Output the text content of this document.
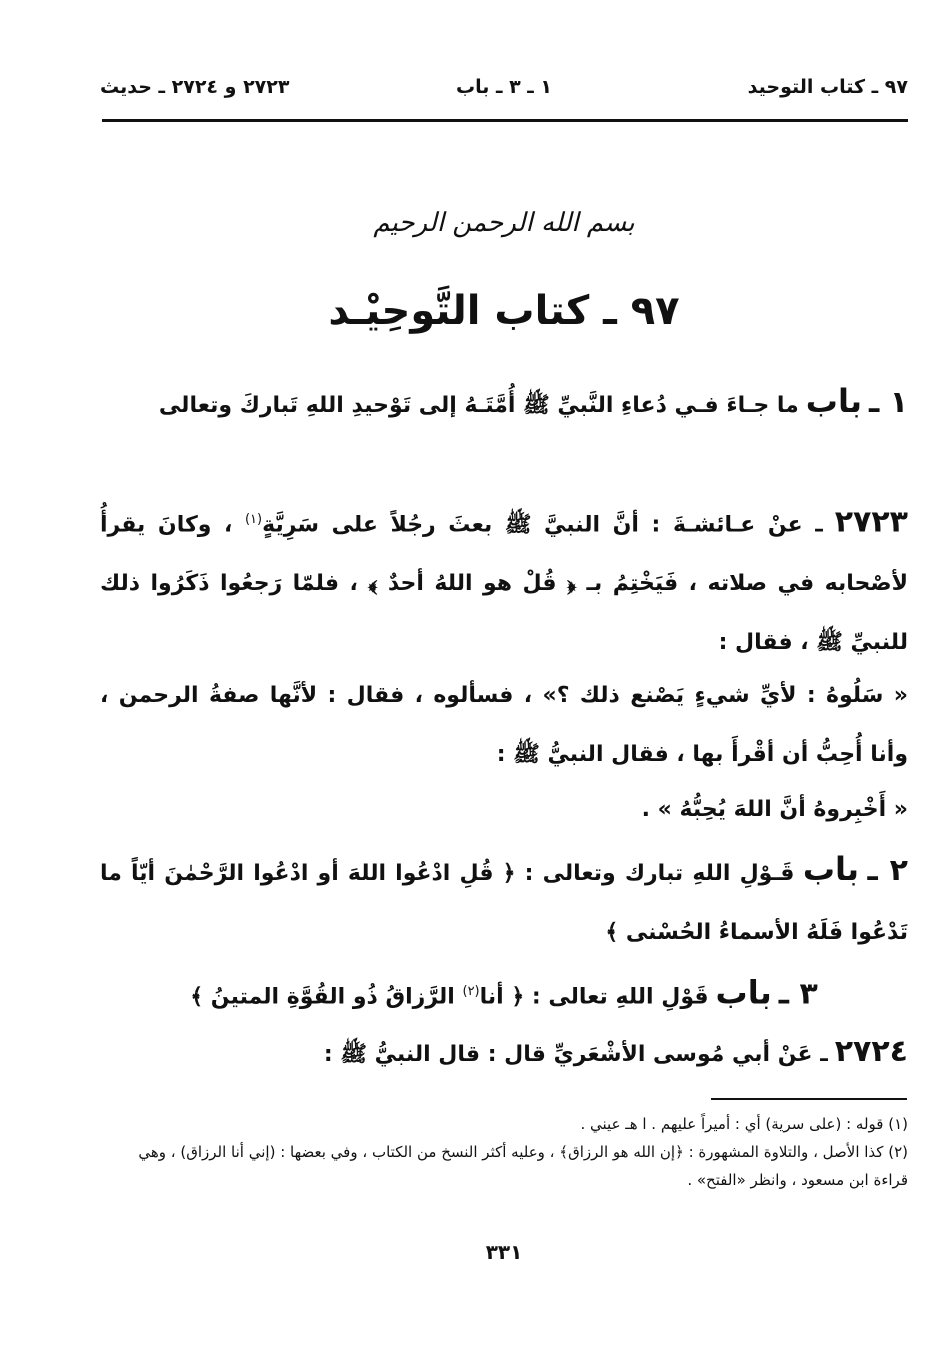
٩٧ ـ كتاب التوحيد
١ ـ ٣ ـ باب
٢٧٢٣ و ٢٧٢٤ ـ حديث
بسم الله الرحمن الرحيم
٩٧ ـ كتاب التَّوحِيْـد
١ ـ باب ما جـاءَ فـي دُعاءِ النَّبيِّ ﷺ أُمَّتَـهُ إلى تَوْحيدِ اللهِ تَباركَ وتعالى
٢٧٢٣ ـ عنْ عـائشـةَ : أنَّ النبيَّ ﷺ بعثَ رجُلاً على سَرِيَّةٍ$^{(١)}$ ، وكانَ يقرأُ لأصْحابه في صلاته ، فَيَخْتِمُ بـ ﴿ قُلْ هو اللهُ أحدٌ ﴾ ، فلمّا رَجعُوا ذَكَرُوا ذلك للنبيِّ ﷺ ، فقال :
« سَلُوهُ : لأيِّ شيءٍ يَصْنع ذلك ؟» ، فسألوه ، فقال : لأنَّها صفةُ الرحمن ، وأنا أُحِبُّ أن أقْرأَ بها ، فقال النبيُّ ﷺ :
« أَخْبِروهُ أنَّ اللهَ يُحِبُّهُ » .
٢ ـ باب قَـوْلِ اللهِ تبارك وتعالى : ﴿ قُلِ ادْعُوا اللهَ أو ادْعُوا الرَّحْمٰنَ أيّاً ما تَدْعُوا فَلَهُ الأسماءُ الحُسْنى ﴾
٣ ـ باب قَوْلِ اللهِ تعالى : ﴿ أنا$^{(٢)}$ الرَّزاقُ ذُو القُوَّةِ المتينُ ﴾
٢٧٢٤ ـ عَنْ أبي مُوسى الأشْعَريِّ قال : قال النبيُّ ﷺ :

(١) قوله : (على سرية) أي : أميراً عليهم . ا هـ عيني .

(٢) كذا الأصل ، والتلاوة المشهورة : ﴿إن الله هو الرزاق﴾ ، وعليه أكثر النسخ من الكتاب ، وفي بعضها : (إني أنا الرزاق) ، وهي قراءة ابن مسعود ، وانظر «الفتح» .

٣٣١
